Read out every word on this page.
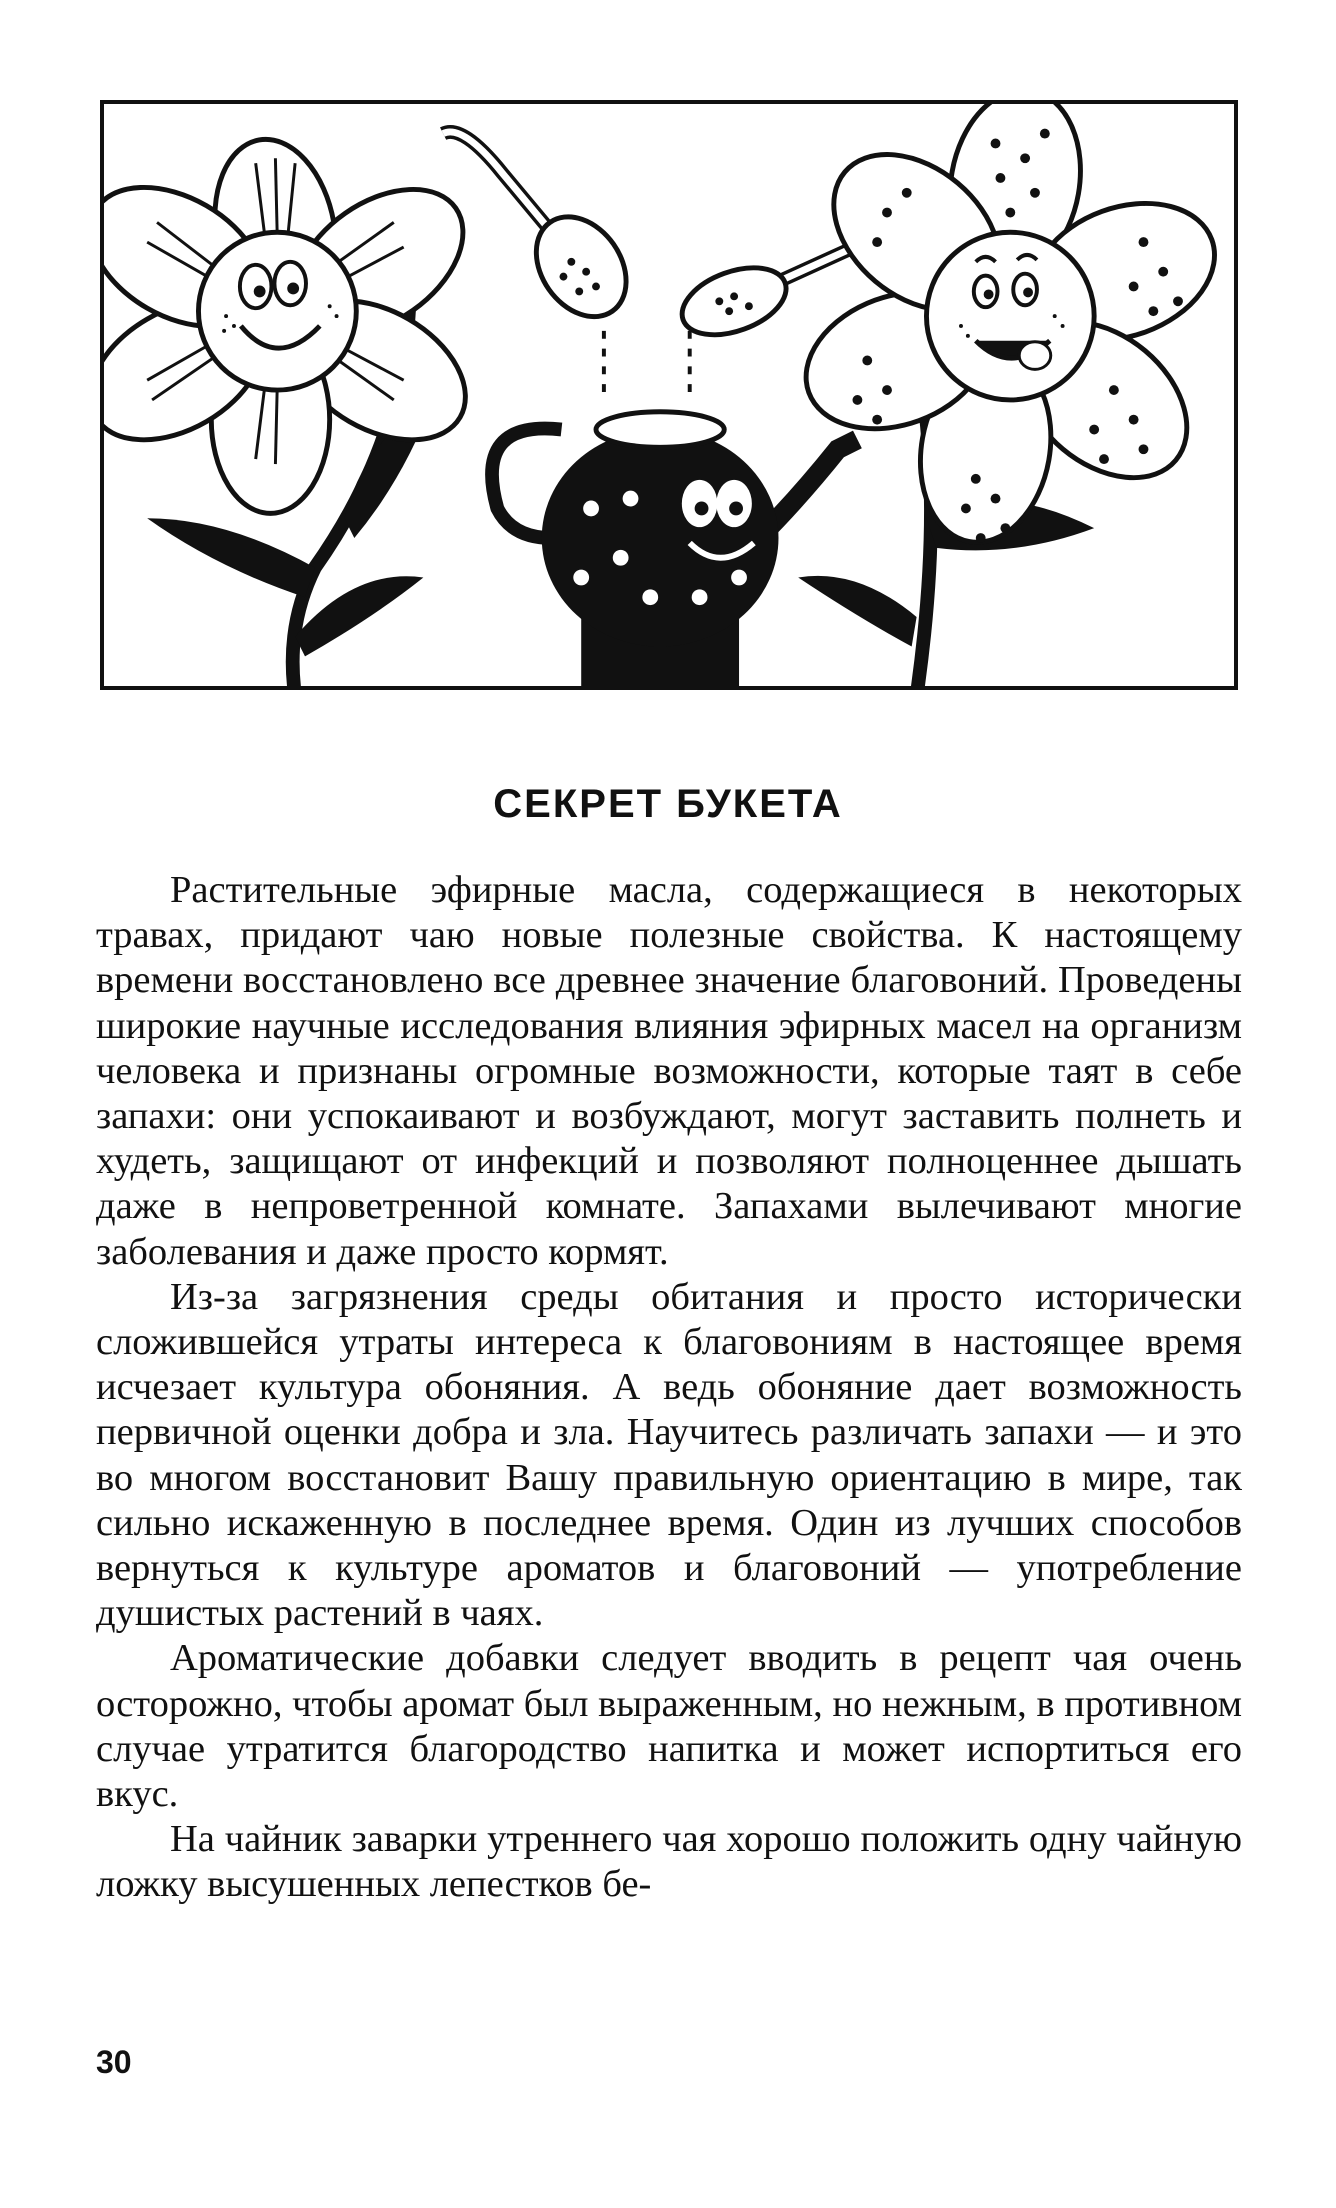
СЕКРЕТ БУКЕТА

Растительные эфирные масла, содержащиеся в некоторых травах, придают чаю новые полезные свойства. К настоящему времени восстановлено все древнее значение благовоний. Проведены широкие научные исследования влияния эфирных масел на организм человека и признаны огромные возможности, которые таят в себе запахи: они успокаивают и возбуждают, могут заставить полнеть и худеть, защищают от инфекций и позволяют полноценнее дышать даже в непроветренной комнате. Запахами вылечивают многие заболевания и даже просто кормят.

Из-за загрязнения среды обитания и просто исторически сложившейся утраты интереса к благовониям в настоящее время исчезает культура обоняния. А ведь обоняние дает возможность первичной оценки добра и зла. Научитесь различать запахи — и это во многом восстановит Вашу правильную ориентацию в мире, так сильно искаженную в последнее время. Один из лучших способов вернуться к культуре ароматов и благовоний — употребление душистых растений в чаях.

Ароматические добавки следует вводить в рецепт чая очень осторожно, чтобы аромат был выраженным, но нежным, в противном случае утратится благородство напитка и может испортиться его вкус.

На чайник заварки утреннего чая хорошо положить одну чайную ложку высушенных лепестков бе-

30
